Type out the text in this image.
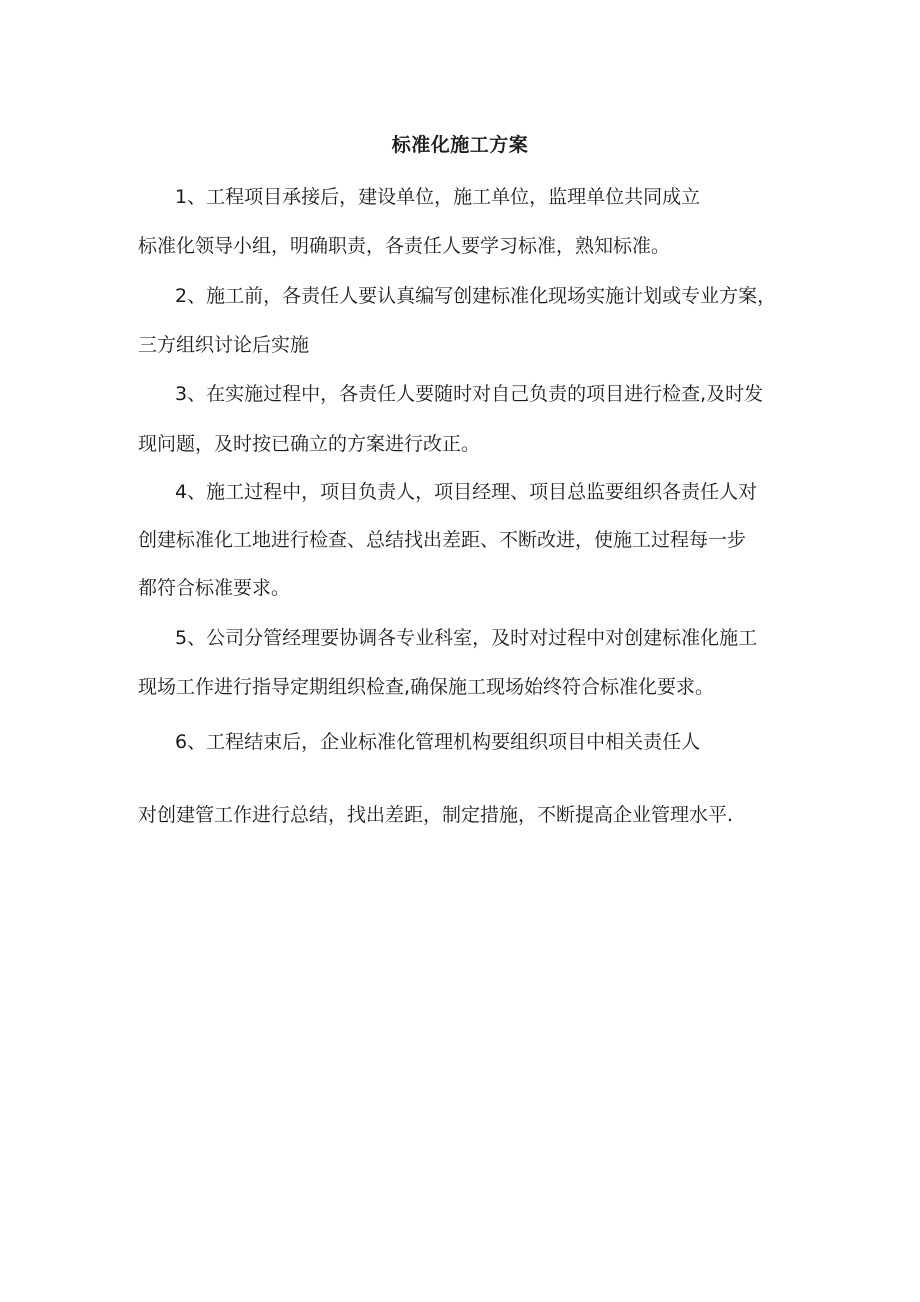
标准化施工方案
1、工程项目承接后，建设单位，施工单位，监理单位共同成立
标准化领导小组，明确职责，各责任人要学习标准，熟知标准。
2、施工前，各责任人要认真编写创建标准化现场实施计划或专业方案，
三方组织讨论后实施
3、在实施过程中，各责任人要随时对自己负责的项目进行检查,及时发
现问题，及时按已确立的方案进行改正。
4、施工过程中，项目负责人，项目经理、项目总监要组织各责任人对
创建标准化工地进行检查、总结找出差距、不断改进，使施工过程每一步
都符合标准要求。
5、公司分管经理要协调各专业科室，及时对过程中对创建标准化施工
现场工作进行指导定期组织检查,确保施工现场始终符合标准化要求。
6、工程结束后，企业标准化管理机构要组织项目中相关责任人
对创建管工作进行总结，找出差距，制定措施，不断提高企业管理水平.
